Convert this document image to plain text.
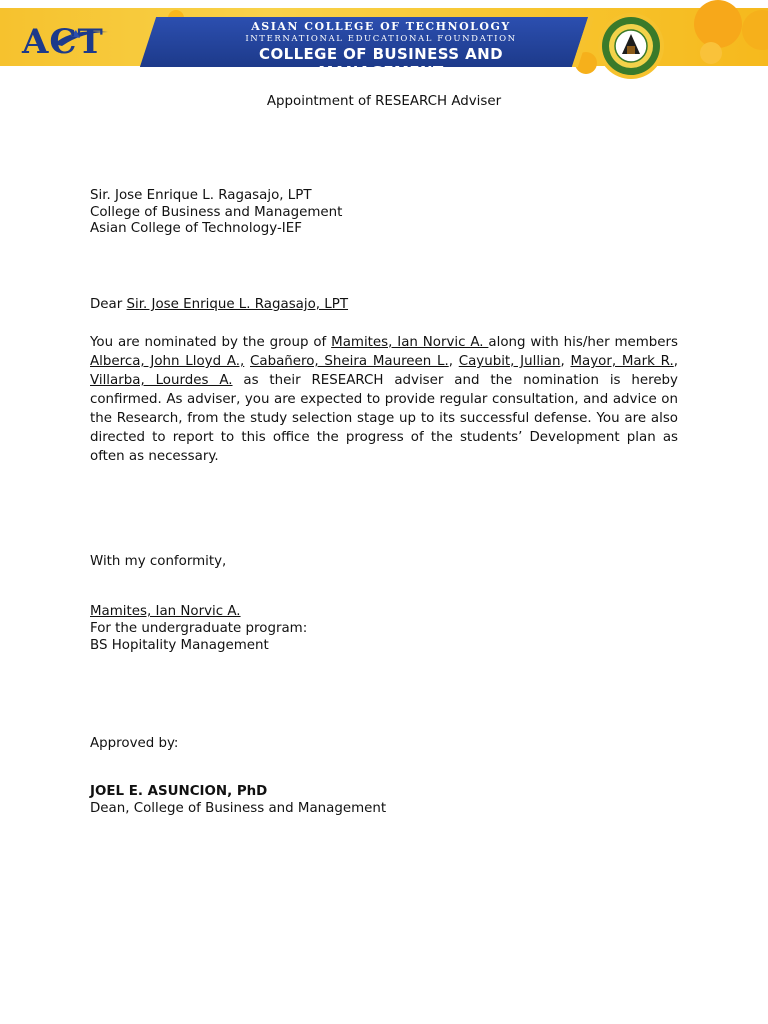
ACT	ASIAN COLLEGE OF TECHNOLOGY
INTERNATIONAL EDUCATIONAL FOUNDATION
COLLEGE OF BUSINESS AND MANAGEMENT
Appointment of RESEARCH Adviser
Sir. Jose Enrique L. Ragasajo, LPT
College of Business and Management
Asian College of Technology-IEF
Dear Sir. Jose Enrique L. Ragasajo, LPT
You are nominated by the group of Mamites, Ian Norvic A. along with his/her members Alberca, John Lloyd A., Cabañero, Sheira Maureen L., Cayubit, Jullian, Mayor, Mark R., Villarba, Lourdes A. as their RESEARCH adviser and the nomination is hereby confirmed. As adviser, you are expected to provide regular consultation, and advice on the Research, from the study selection stage up to its successful defense. You are also directed to report to this office the progress of the students’ Development plan as often as necessary.
With my conformity,
Mamites, Ian Norvic A.
For the undergraduate program:
BS Hopitality Management
Approved by:
JOEL E. ASUNCION, PhD
Dean, College of Business and Management
